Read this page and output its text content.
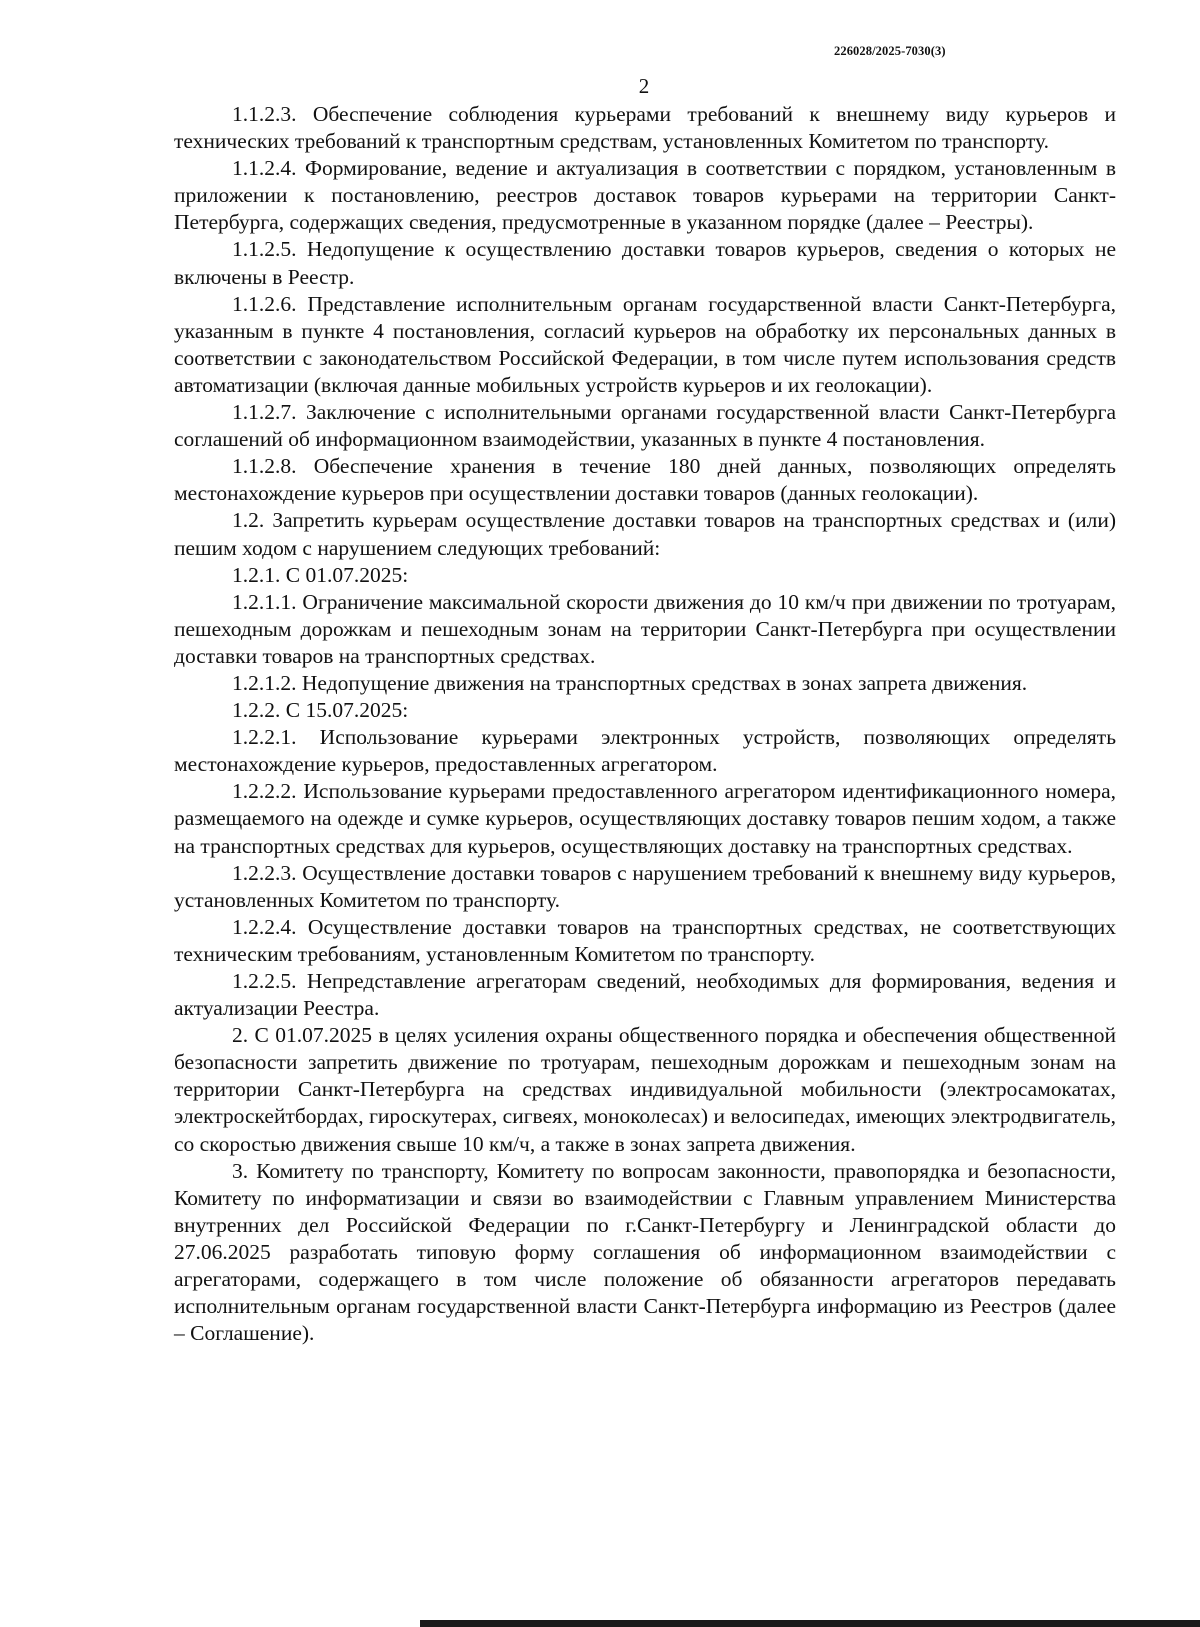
226028/2025-7030(3)
2

1.1.2.3. Обеспечение соблюдения курьерами требований к внешнему виду курьеров и технических требований к транспортным средствам, установленных Комитетом по транспорту.

1.1.2.4. Формирование, ведение и актуализация в соответствии с порядком, установленным в приложении к постановлению, реестров доставок товаров курьерами на территории Санкт-Петербурга, содержащих сведения, предусмотренные в указанном порядке (далее – Реестры).

1.1.2.5. Недопущение к осуществлению доставки товаров курьеров, сведения о которых не включены в Реестр.

1.1.2.6. Представление исполнительным органам государственной власти Санкт-Петербурга, указанным в пункте 4 постановления, согласий курьеров на обработку их персональных данных в соответствии с законодательством Российской Федерации, в том числе путем использования средств автоматизации (включая данные мобильных устройств курьеров и их геолокации).

1.1.2.7. Заключение с исполнительными органами государственной власти Санкт-Петербурга соглашений об информационном взаимодействии, указанных в пункте 4 постановления.

1.1.2.8. Обеспечение хранения в течение 180 дней данных, позволяющих определять местонахождение курьеров при осуществлении доставки товаров (данных геолокации).

1.2. Запретить курьерам осуществление доставки товаров на транспортных средствах и (или) пешим ходом с нарушением следующих требований:

1.2.1. С 01.07.2025:

1.2.1.1. Ограничение максимальной скорости движения до 10 км/ч при движении по тротуарам, пешеходным дорожкам и пешеходным зонам на территории Санкт-Петербурга при осуществлении доставки товаров на транспортных средствах.

1.2.1.2. Недопущение движения на транспортных средствах в зонах запрета движения.

1.2.2. С 15.07.2025:

1.2.2.1. Использование курьерами электронных устройств, позволяющих определять местонахождение курьеров, предоставленных агрегатором.

1.2.2.2. Использование курьерами предоставленного агрегатором идентификационного номера, размещаемого на одежде и сумке курьеров, осуществляющих доставку товаров пешим ходом, а также на транспортных средствах для курьеров, осуществляющих доставку на транспортных средствах.

1.2.2.3. Осуществление доставки товаров с нарушением требований к внешнему виду курьеров, установленных Комитетом по транспорту.

1.2.2.4. Осуществление доставки товаров на транспортных средствах, не соответствующих техническим требованиям, установленным Комитетом по транспорту.

1.2.2.5. Непредставление агрегаторам сведений, необходимых для формирования, ведения и актуализации Реестра.

2. С 01.07.2025 в целях усиления охраны общественного порядка и обеспечения общественной безопасности запретить движение по тротуарам, пешеходным дорожкам и пешеходным зонам на территории Санкт-Петербурга на средствах индивидуальной мобильности (электросамокатах, электроскейтбордах, гироскутерах, сигвеях, моноколесах) и велосипедах, имеющих электродвигатель, со скоростью движения свыше 10 км/ч, а также в зонах запрета движения.

3. Комитету по транспорту, Комитету по вопросам законности, правопорядка и безопасности, Комитету по информатизации и связи во взаимодействии с Главным управлением Министерства внутренних дел Российской Федерации по г.Санкт-Петербургу и Ленинградской области до 27.06.2025 разработать типовую форму соглашения об информационном взаимодействии с агрегаторами, содержащего в том числе положение об обязанности агрегаторов передавать исполнительным органам государственной власти Санкт-Петербурга информацию из Реестров (далее – Соглашение).
